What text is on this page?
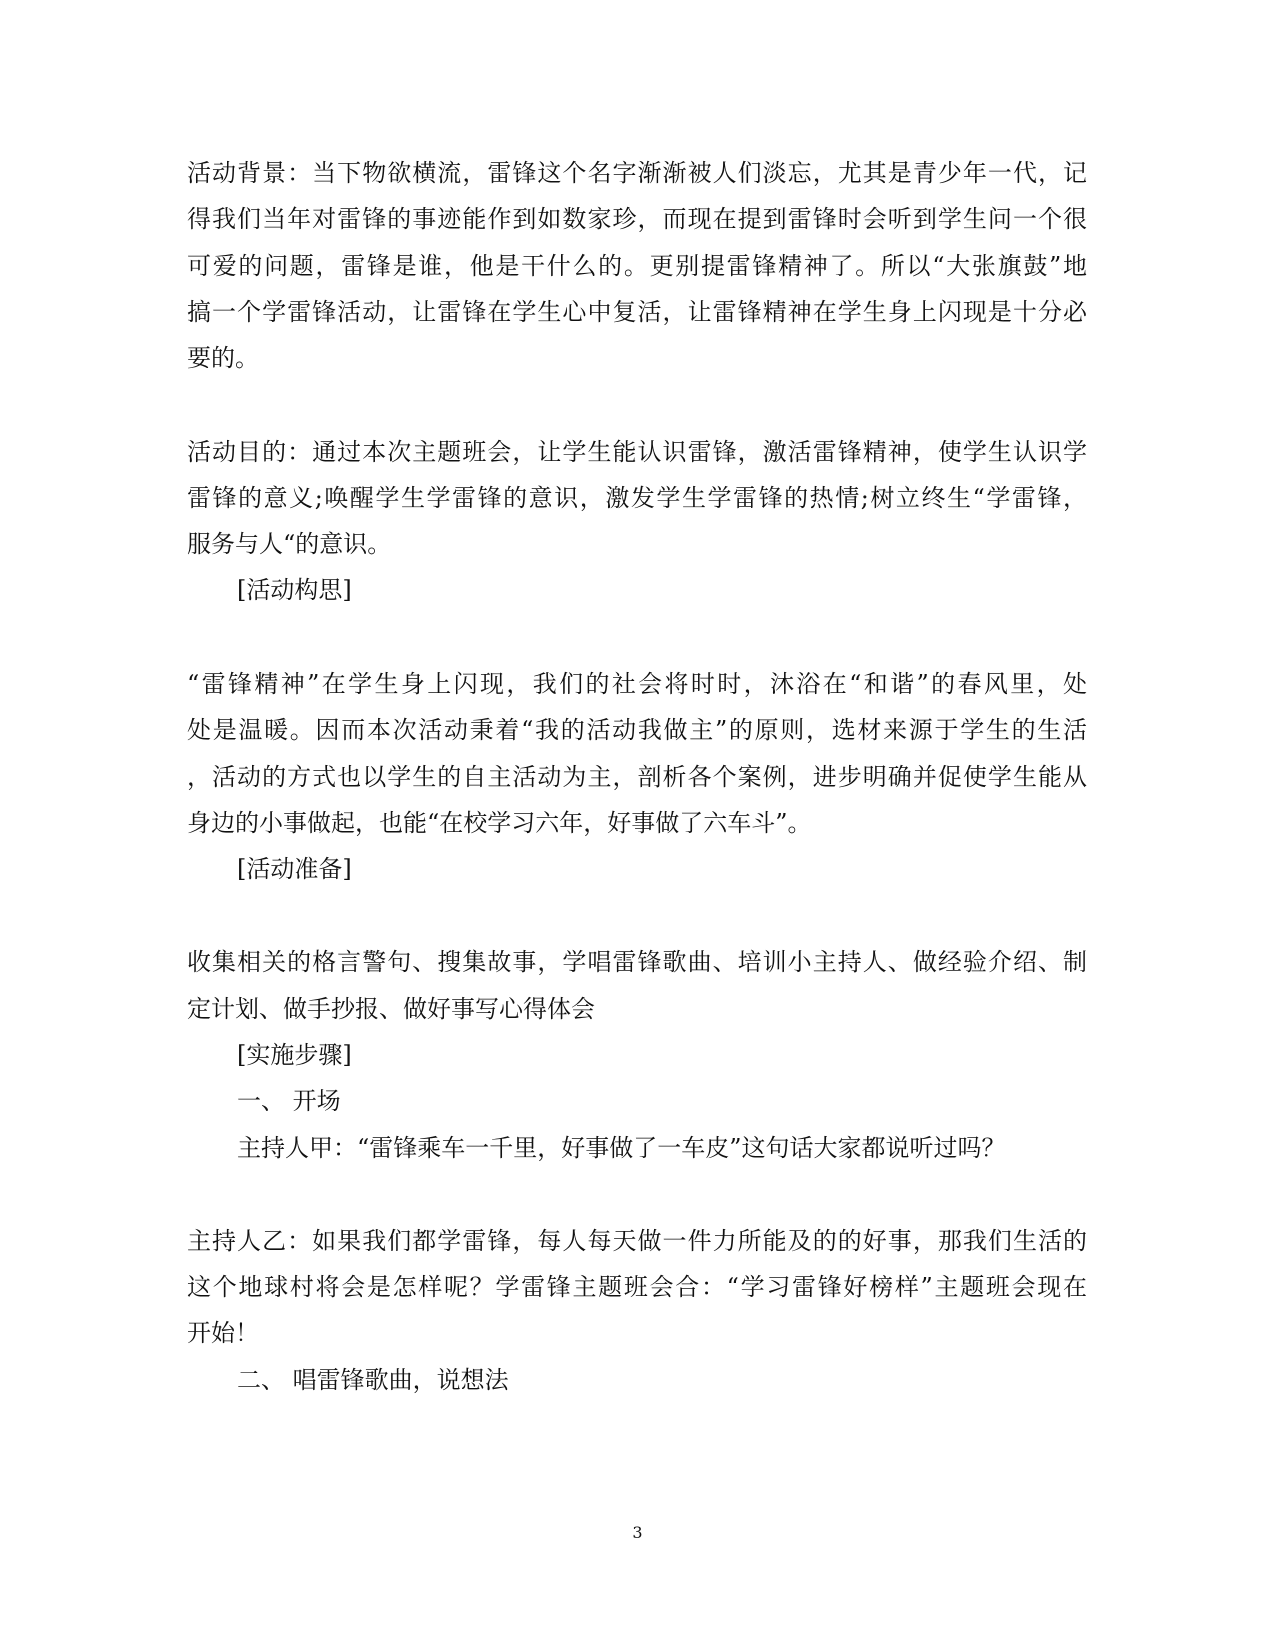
活动背景：当下物欲横流，雷锋这个名字渐渐被人们淡忘，尤其是青少年一代，记
得我们当年对雷锋的事迹能作到如数家珍，而现在提到雷锋时会听到学生问一个很
可爱的问题，雷锋是谁，他是干什么的。更别提雷锋精神了。所以“大张旗鼓”地
搞一个学雷锋活动，让雷锋在学生心中复活，让雷锋精神在学生身上闪现是十分必
要的。
活动目的：通过本次主题班会，让学生能认识雷锋，激活雷锋精神，使学生认识学
雷锋的意义;唤醒学生学雷锋的意识，激发学生学雷锋的热情;树立终生“学雷锋，
服务与人“的意识。
[活动构思]
“雷锋精神”在学生身上闪现，我们的社会将时时，沐浴在“和谐”的春风里，处
处是温暖。因而本次活动秉着“我的活动我做主”的原则，选材来源于学生的生活
，活动的方式也以学生的自主活动为主，剖析各个案例，进步明确并促使学生能从
身边的小事做起，也能“在校学习六年，好事做了六车斗”。
[活动准备]
收集相关的格言警句、搜集故事，学唱雷锋歌曲、培训小主持人、做经验介绍、制
定计划、做手抄报、做好事写心得体会
[实施步骤]
一、 开场
主持人甲：“雷锋乘车一千里，好事做了一车皮”这句话大家都说听过吗？
主持人乙：如果我们都学雷锋，每人每天做一件力所能及的的好事，那我们生活的
这个地球村将会是怎样呢？学雷锋主题班会合：“学习雷锋好榜样”主题班会现在
开始！
二、 唱雷锋歌曲，说想法
3
